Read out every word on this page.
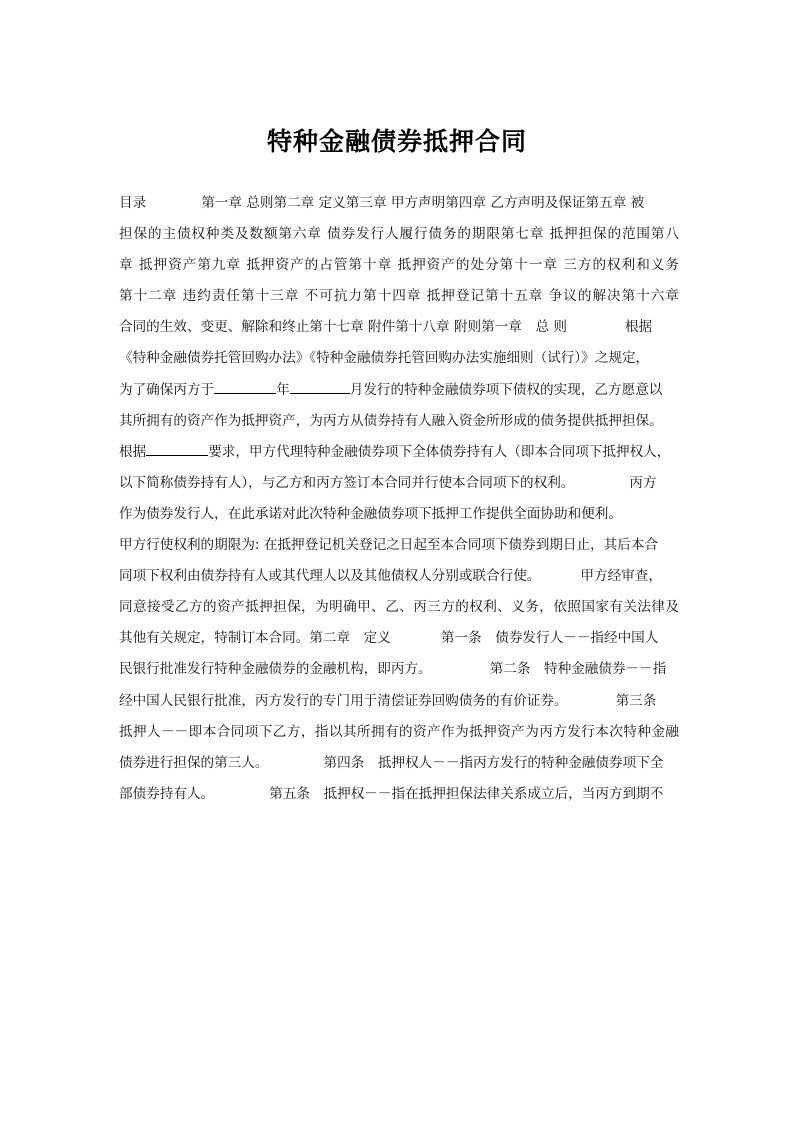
特种金融债券抵押合同
目录	第一章 总则第二章 定义第三章 甲方声明第四章 乙方声明及保证第五章 被
担保的主债权种类及数额第六章 债券发行人履行债务的期限第七章 抵押担保的范围第八
章 抵押资产第九章 抵押资产的占管第十章 抵押资产的处分第十一章 三方的权利和义务
第十二章 违约责任第十三章 不可抗力第十四章 抵押登记第十五章 争议的解决第十六章
合同的生效、变更、解除和终止第十七章 附件第十八章 附则第一章　总 则	根据
《特种金融债券托管回购办法》《特种金融债券托管回购办法实施细则（试行）》之规定，
为了确保丙方于	年	月发行的特种金融债券项下债权的实现，乙方愿意以
其所拥有的资产作为抵押资产，为丙方从债券持有人融入资金所形成的债务提供抵押担保。
根据	要求，甲方代理特种金融债券项下全体债券持有人（即本合同项下抵押权人，
以下简称债券持有人），与乙方和丙方签订本合同并行使本合同项下的权利。	丙方
作为债券发行人，在此承诺对此次特种金融债券项下抵押工作提供全面协助和便利。
甲方行使权利的期限为: 在抵押登记机关登记之日起至本合同项下债券到期日止，其后本合
同项下权利由债券持有人或其代理人以及其他债权人分别或联合行使。	甲方经审查，
同意接受乙方的资产抵押担保，为明确甲、乙、丙三方的权利、义务，依照国家有关法律及
其他有关规定，特制订本合同。第二章　定义	第一条　债券发行人－－指经中国人
民银行批准发行特种金融债券的金融机构，即丙方。	第二条　特种金融债券－－指
经中国人民银行批准，丙方发行的专门用于清偿证券回购债务的有价证券。	第三条
抵押人－－即本合同项下乙方，指以其所拥有的资产作为抵押资产为丙方发行本次特种金融
债券进行担保的第三人。	第四条　抵押权人－－指丙方发行的特种金融债券项下全
部债券持有人。	第五条　抵押权－－指在抵押担保法律关系成立后，当丙方到期不
